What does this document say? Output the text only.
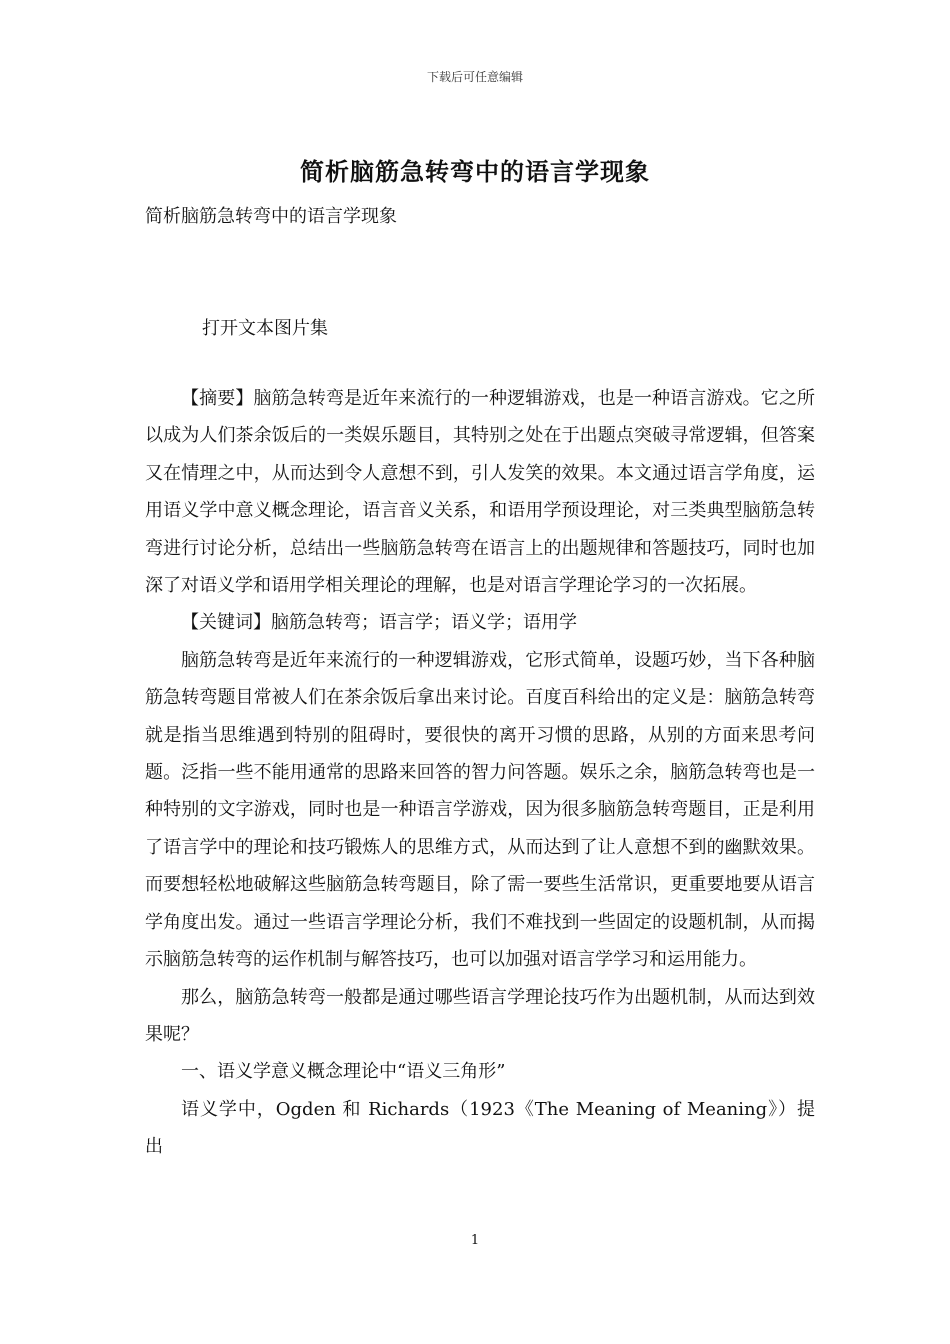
下载后可任意编辑
简析脑筋急转弯中的语言学现象
简析脑筋急转弯中的语言学现象
打开文本图片集

【摘要】脑筋急转弯是近年来流行的一种逻辑游戏，也是一种语言游戏。它之所以成为人们茶余饭后的一类娱乐题目，其特别之处在于出题点突破寻常逻辑，但答案又在情理之中，从而达到令人意想不到，引人发笑的效果。本文通过语言学角度，运用语义学中意义概念理论，语言音义关系，和语用学预设理论，对三类典型脑筋急转弯进行讨论分析，总结出一些脑筋急转弯在语言上的出题规律和答题技巧，同时也加深了对语义学和语用学相关理论的理解，也是对语言学理论学习的一次拓展。

【关键词】脑筋急转弯；语言学；语义学；语用学

脑筋急转弯是近年来流行的一种逻辑游戏，它形式简单，设题巧妙，当下各种脑筋急转弯题目常被人们在茶余饭后拿出来讨论。百度百科给出的定义是：脑筋急转弯就是指当思维遇到特别的阻碍时，要很快的离开习惯的思路，从别的方面来思考问题。泛指一些不能用通常的思路来回答的智力问答题。娱乐之余，脑筋急转弯也是一种特别的文字游戏，同时也是一种语言学游戏，因为很多脑筋急转弯题目，正是利用了语言学中的理论和技巧锻炼人的思维方式，从而达到了让人意想不到的幽默效果。而要想轻松地破解这些脑筋急转弯题目，除了需一要些生活常识，更重要地要从语言学角度出发。通过一些语言学理论分析，我们不难找到一些固定的设题机制，从而揭示脑筋急转弯的运作机制与解答技巧，也可以加强对语言学学习和运用能力。

那么，脑筋急转弯一般都是通过哪些语言学理论技巧作为出题机制，从而达到效果呢？

一、语义学意义概念理论中“语义三角形”

语义学中，Ogden 和 Richards（1923《The Meaning of Meaning》）提出

1
